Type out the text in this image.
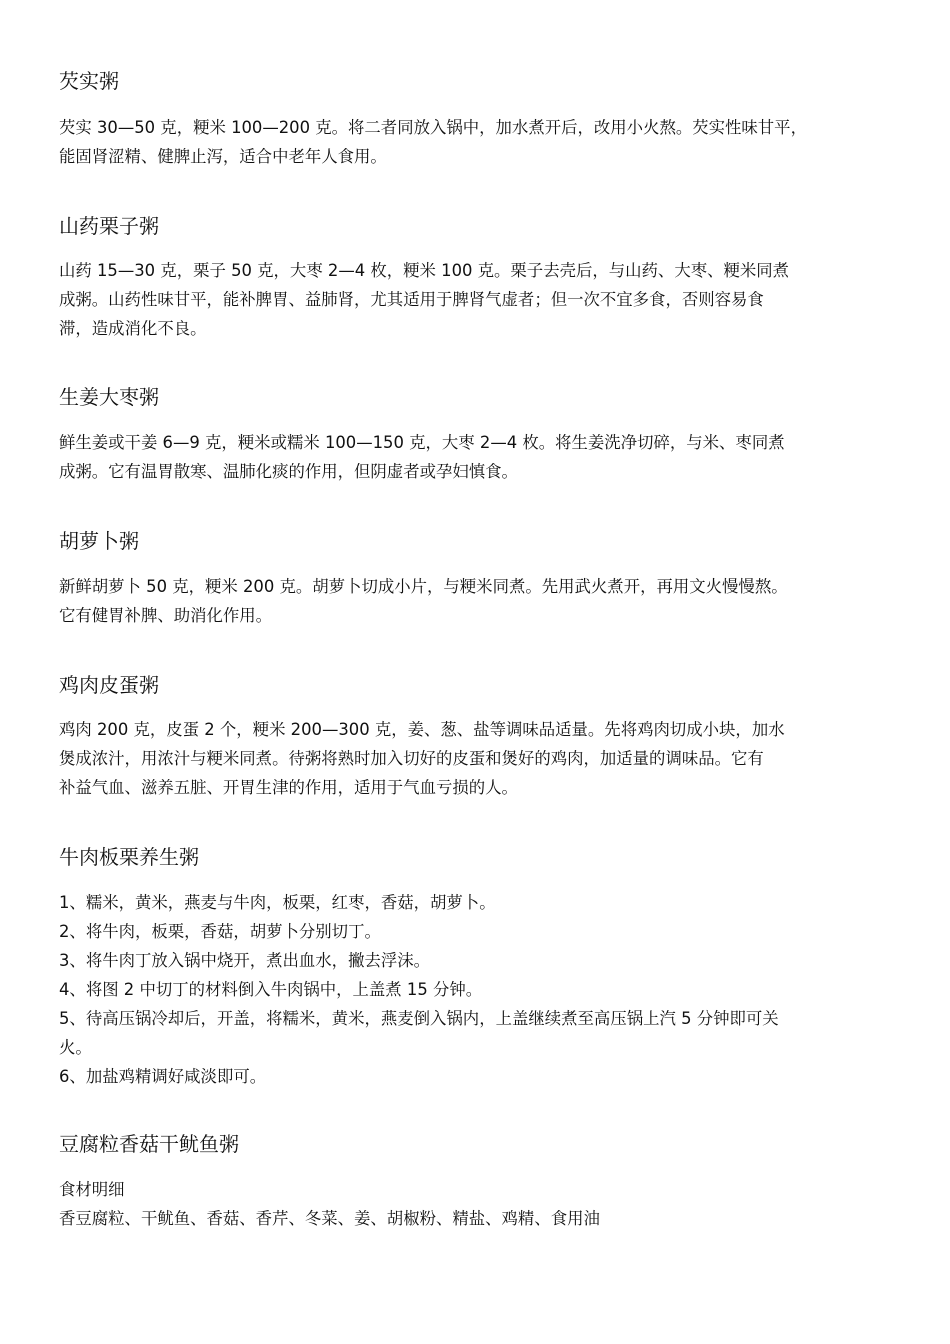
芡实粥

芡实 30—50 克，粳米 100—200 克。将二者同放入锅中，加水煮开后，改用小火熬。芡实性味甘平，

能固肾涩精、健脾止泻，适合中老年人食用。

山药栗子粥

山药 15—30 克，栗子 50 克，大枣 2—4 枚，粳米 100 克。栗子去壳后，与山药、大枣、粳米同煮

成粥。山药性味甘平，能补脾胃、益肺肾，尤其适用于脾肾气虚者；但一次不宜多食，否则容易食

滞，造成消化不良。

生姜大枣粥

鲜生姜或干姜 6—9 克，粳米或糯米 100—150 克，大枣 2—4 枚。将生姜洗净切碎，与米、枣同煮

成粥。它有温胃散寒、温肺化痰的作用，但阴虚者或孕妇慎食。

胡萝卜粥

新鲜胡萝卜 50 克，粳米 200 克。胡萝卜切成小片，与粳米同煮。先用武火煮开，再用文火慢慢熬。

它有健胃补脾、助消化作用。

鸡肉皮蛋粥

鸡肉 200 克，皮蛋 2 个，粳米 200—300 克，姜、葱、盐等调味品适量。先将鸡肉切成小块，加水

煲成浓汁，用浓汁与粳米同煮。待粥将熟时加入切好的皮蛋和煲好的鸡肉，加适量的调味品。它有

补益气血、滋养五脏、开胃生津的作用，适用于气血亏损的人。

牛肉板栗养生粥

1、糯米，黄米，燕麦与牛肉，板栗，红枣，香菇，胡萝卜。

2、将牛肉，板栗，香菇，胡萝卜分别切丁。

3、将牛肉丁放入锅中烧开，煮出血水，撇去浮沫。

4、将图 2 中切丁的材料倒入牛肉锅中，上盖煮 15 分钟。

5、待高压锅冷却后，开盖，将糯米，黄米，燕麦倒入锅内，上盖继续煮至高压锅上汽 5 分钟即可关

火。

6、加盐鸡精调好咸淡即可。

豆腐粒香菇干鱿鱼粥

食材明细

香豆腐粒、干鱿鱼、香菇、香芹、冬菜、姜、胡椒粉、精盐、鸡精、食用油
